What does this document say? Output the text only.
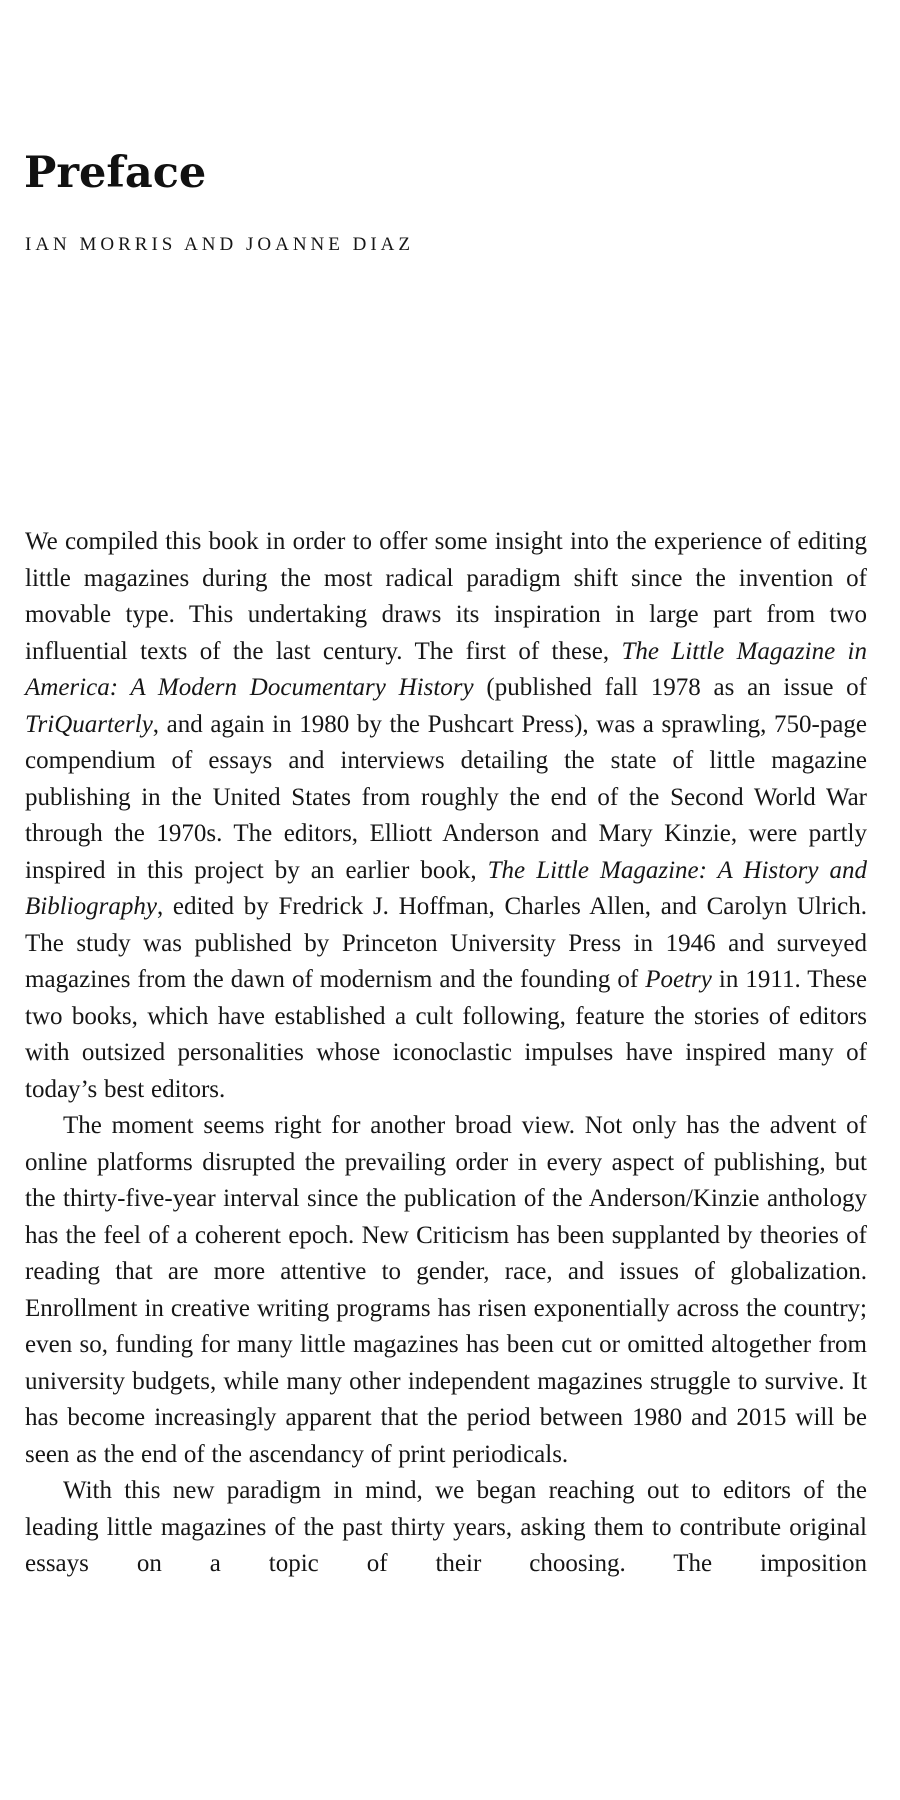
Preface
IAN MORRIS AND JOANNE DIAZ

We compiled this book in order to offer some insight into the experience of editing little magazines during the most radical paradigm shift since the invention of movable type. This undertaking draws its inspiration in large part from two influential texts of the last century. The first of these, The Little Magazine in America: A Modern Documentary History (published fall 1978 as an issue of TriQuarterly, and again in 1980 by the Pushcart Press), was a sprawling, 750-page compendium of essays and interviews detailing the state of little magazine publishing in the United States from roughly the end of the Second World War through the 1970s. The editors, Elliott Anderson and Mary Kinzie, were partly inspired in this project by an earlier book, The Little Magazine: A History and Bibliography, edited by Fredrick J. Hoffman, Charles Allen, and Carolyn Ulrich. The study was published by Princeton University Press in 1946 and surveyed magazines from the dawn of modernism and the founding of Poetry in 1911. These two books, which have established a cult following, feature the stories of editors with outsized personalities whose iconoclastic impulses have inspired many of today’s best editors.

The moment seems right for another broad view. Not only has the advent of online platforms disrupted the prevailing order in every aspect of publishing, but the thirty-five-year interval since the publication of the Anderson/Kinzie anthology has the feel of a coherent epoch. New Criticism has been supplanted by theories of reading that are more attentive to gender, race, and issues of globalization. Enrollment in creative writing programs has risen exponentially across the country; even so, funding for many little magazines has been cut or omitted altogether from university budgets, while many other independent magazines struggle to survive. It has become increasingly apparent that the period between 1980 and 2015 will be seen as the end of the ascendancy of print periodicals.

With this new paradigm in mind, we began reaching out to editors of the leading little magazines of the past thirty years, asking them to contribute original essays on a topic of their choosing. The imposition
